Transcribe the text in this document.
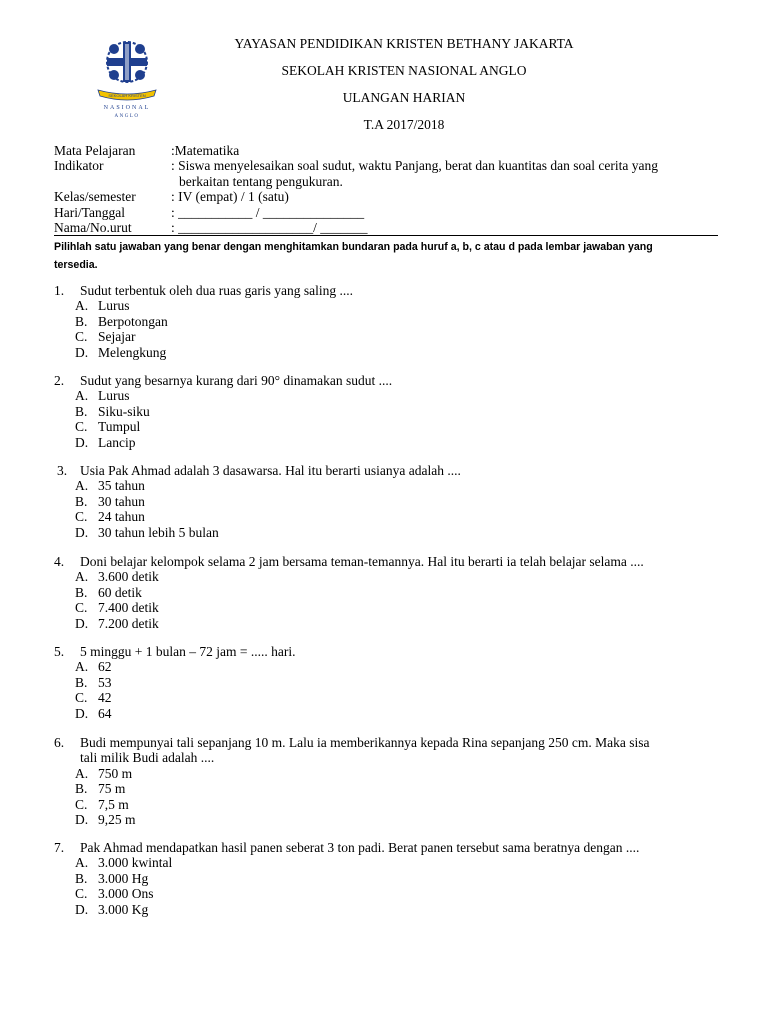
SEKOLAH KRISTEN
NASIONAL
ANGLO
YAYASAN PENDIDIKAN KRISTEN BETHANY JAKARTA
SEKOLAH KRISTEN NASIONAL ANGLO
ULANGAN HARIAN
T.A 2017/2018
Mata Pelajaran	:Matematika
Indikator	: Siswa menyelesaikan soal sudut, waktu Panjang, berat dan kuantitas dan soal cerita yang
berkaitan tentang pengukuran.
Kelas/semester	: IV (empat) / 1 (satu)
Hari/Tanggal	: ___________ / _______________
Nama/No.urut	: ____________________/ _______
Pilihlah satu jawaban yang benar dengan menghitamkan bundaran pada huruf a, b, c atau d pada lembar jawaban yang
tersedia.
1.	Sudut terbentuk oleh dua ruas garis yang saling ....
A. Lurus
B. Berpotongan
C. Sejajar
D. Melengkung
2.	Sudut yang besarnya kurang dari 90° dinamakan sudut ....
A. Lurus
B. Siku-siku
C. Tumpul
D. Lancip
3. Usia Pak Ahmad adalah 3 dasawarsa. Hal itu berarti usianya adalah ....
A. 35 tahun
B. 30 tahun
C. 24 tahun
D. 30 tahun lebih 5 bulan
4.	Doni belajar kelompok selama 2 jam bersama teman-temannya. Hal itu berarti ia telah belajar selama ....
A. 3.600 detik
B. 60 detik
C. 7.400 detik
D. 7.200 detik
5.	5 minggu + 1 bulan – 72 jam = ..... hari.
A. 62
B. 53
C. 42
D. 64
6.	Budi mempunyai tali sepanjang 10 m. Lalu ia memberikannya kepada Rina sepanjang 250 cm. Maka sisa
tali milik Budi adalah ....
A. 750 m
B. 75 m
C. 7,5 m
D. 9,25 m
7.	Pak Ahmad mendapatkan hasil panen seberat 3 ton padi. Berat panen tersebut sama beratnya dengan ....
A. 3.000 kwintal
B. 3.000 Hg
C. 3.000 Ons
D. 3.000 Kg
